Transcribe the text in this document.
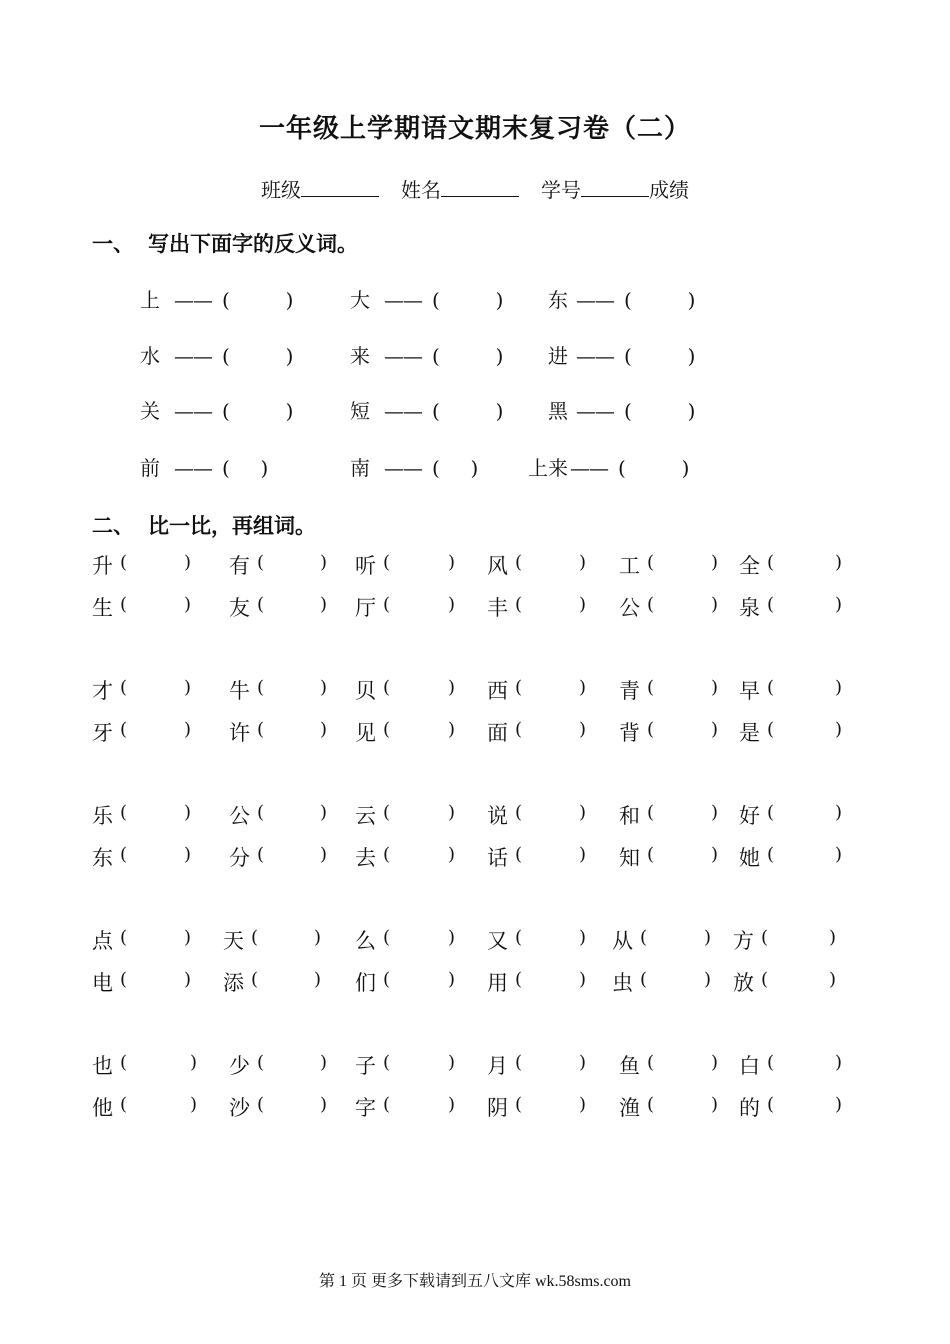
一年级上学期语文期末复习卷（二）
班级	姓名	学号	成绩
一、 写出下面字的反义词。
上 —— (     )	大 —— (     ) 东 —— (     )
水 —— (     )	来 —— (     ) 进 —— (     )
关 —— (     )	短 —— (     ) 黑 —— (     )
前 —— (  )	南 —— (  ) 上来 —— (     )
二、 比一比，再组词。
升 (	) 有 (	) 听 (	) 风 (	) 工 (	) 全 (	)
生 (	) 友 (	) 厅 (	) 丰 (	) 公 (	) 泉 (	)
才 (	) 牛 (	) 贝 (	) 西 (	) 青 (	) 早 (	)
牙 (	) 许 (	) 见 (	) 面 (	) 背 (	) 是 (	)
乐 (	) 公 (	) 云 (	) 说 (	) 和 (	) 好 (	)
东 (	) 分 (	) 去 (	) 话 (	) 知 (	) 她 (	)
点 (	) 天 (	) 么 (	) 又 (	) 从 (	) 方 (	)
电 (	) 添 (	) 们 (	) 用 (	) 虫 (	) 放 (	)
也 (	) 少 (	) 子 (	) 月 (	) 鱼 (	) 白 (	)
他 (	) 沙 (	) 字 (	) 阴 (	) 渔 (	) 的 (	)
第 1 页 更多下载请到五八文库 wk.58sms.com
